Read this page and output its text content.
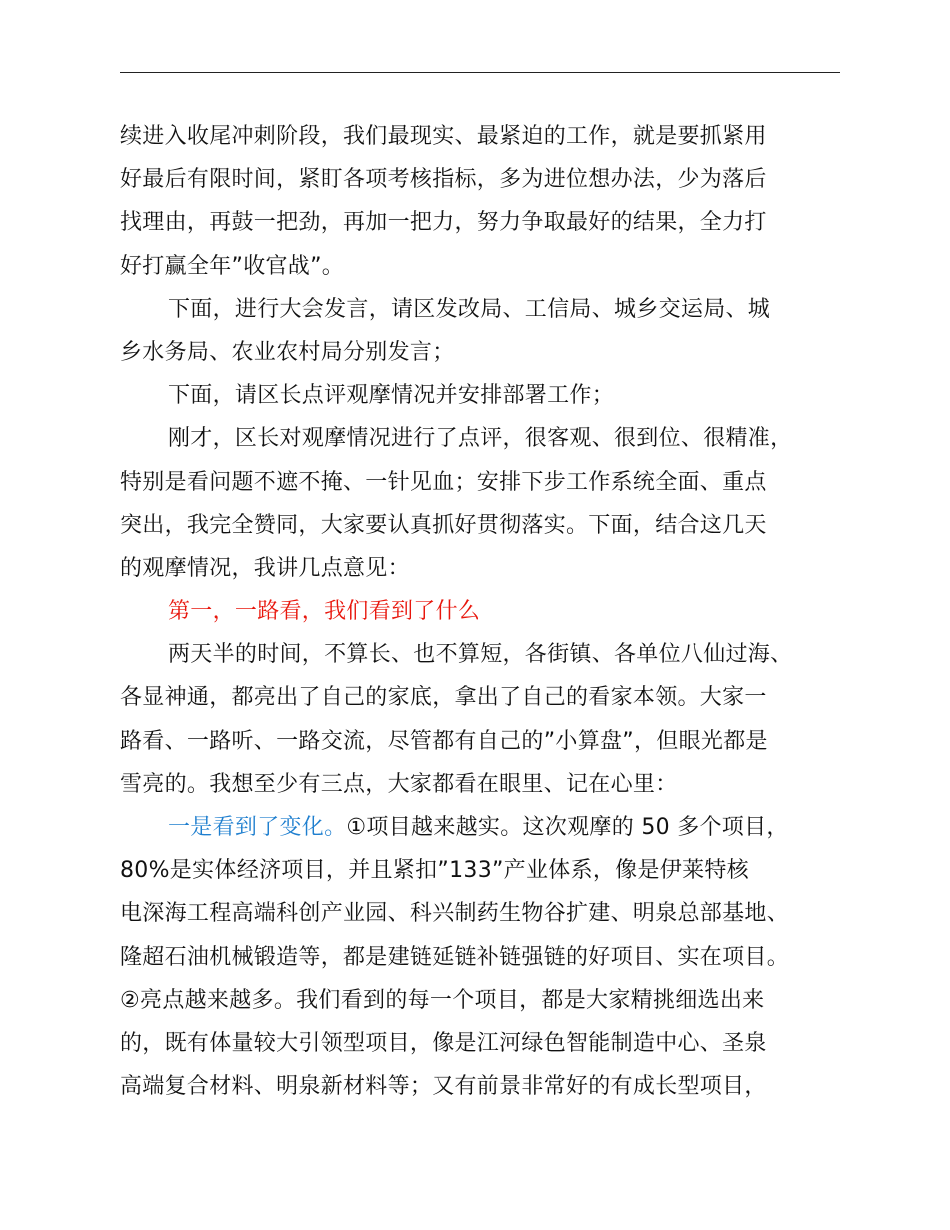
续进入收尾冲刺阶段，我们最现实、最紧迫的工作，就是要抓紧用
好最后有限时间，紧盯各项考核指标，多为进位想办法，少为落后
找理由，再鼓一把劲，再加一把力，努力争取最好的结果，全力打
好打赢全年”收官战”。
下面，进行大会发言，请区发改局、工信局、城乡交运局、城
乡水务局、农业农村局分别发言；
下面，请区长点评观摩情况并安排部署工作；
刚才，区长对观摩情况进行了点评，很客观、很到位、很精准，
特别是看问题不遮不掩、一针见血；安排下步工作系统全面、重点
突出，我完全赞同，大家要认真抓好贯彻落实。下面，结合这几天
的观摩情况，我讲几点意见：
第一，一路看，我们看到了什么
两天半的时间，不算长、也不算短，各街镇、各单位八仙过海、
各显神通，都亮出了自己的家底，拿出了自己的看家本领。大家一
路看、一路听、一路交流，尽管都有自己的”小算盘”，但眼光都是
雪亮的。我想至少有三点，大家都看在眼里、记在心里：
一是看到了变化。①项目越来越实。这次观摩的 50 多个项目，
80%是实体经济项目，并且紧扣”133”产业体系，像是伊莱特核
电深海工程高端科创产业园、科兴制药生物谷扩建、明泉总部基地、
隆超石油机械锻造等，都是建链延链补链强链的好项目、实在项目。
②亮点越来越多。我们看到的每一个项目，都是大家精挑细选出来
的，既有体量较大引领型项目，像是江河绿色智能制造中心、圣泉
高端复合材料、明泉新材料等；又有前景非常好的有成长型项目，
